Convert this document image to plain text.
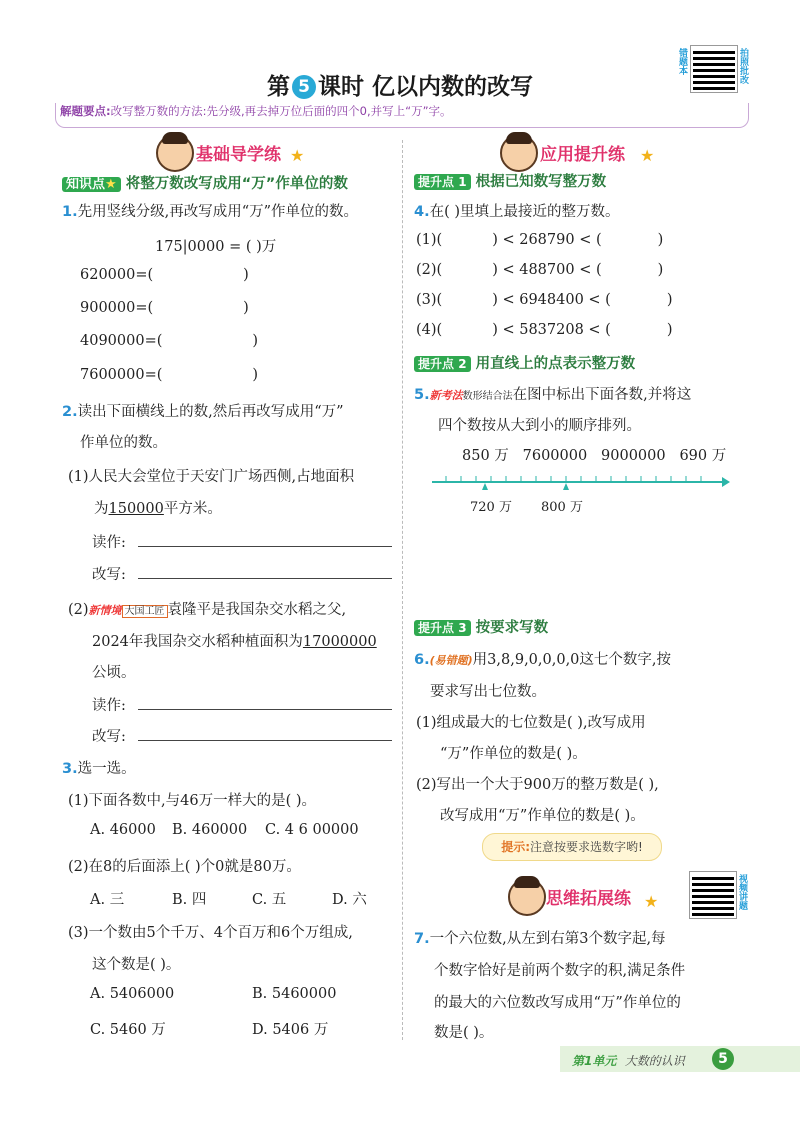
第 5 课时 亿以内数的改写
错题本	拍照批改
解题要点:改写整万数的方法:先分级,再去掉万位后面的四个0,并写上“万”字。
基础导学练 ★
知识点★ 将整万数改写成用“万”作单位的数
1.先用竖线分级,再改写成用“万”作单位的数。
175|0000 = ( )万
620000=(	)
900000=(	)
4090000=(	)
7600000=(	)
2.读出下面横线上的数,然后再改写成用“万”
作单位的数。
(1)人民大会堂位于天安门广场西侧,占地面积
为150000平方米。
读作:
改写:
(2)新情境 大国工匠 袁隆平是我国杂交水稻之父,
2024年我国杂交水稻种植面积为17000000
公顷。
读作:
改写:
3.选一选。
(1)下面各数中,与46万一样大的是( )。
A. 46000 B. 460000 C. 4 6 00000
(2)在8的后面添上( )个0就是80万。
A. 三	B. 四	C. 五	D. 六
(3)一个数由5个千万、4个百万和6个万组成,
这个数是( )。
A. 5406000	B. 5460000
C. 5460 万	D. 5406 万
应用提升练 ★
提升点 1 根据已知数写整万数
4.在( )里填上最接近的整万数。
(1)(	) < 268790 < (	)
(2)(	) < 488700 < (	)
(3)(	) < 6948400 < (	)
(4)(	) < 5837208 < (	)
提升点 2 用直线上的点表示整万数
5.新考法数形结合法在图中标出下面各数,并将这
四个数按从大到小的顺序排列。
850 万 7600000 9000000 690 万
720 万 800 万
提升点 3 按要求写数
6.(易错题)用3,8,9,0,0,0,0这七个数字,按
要求写出七位数。
(1)组成最大的七位数是( ),改写成用
“万”作单位的数是( )。
(2)写出一个大于900万的整万数是( ),
改写成用“万”作单位的数是( )。
提示:注意按要求选数字哟!
思维拓展练 ★	视频讲题
7.一个六位数,从左到右第3个数字起,每
个数字恰好是前两个数字的积,满足条件
的最大的六位数改写成用“万”作单位的
数是( )。
第1单元 大数的认识	5
